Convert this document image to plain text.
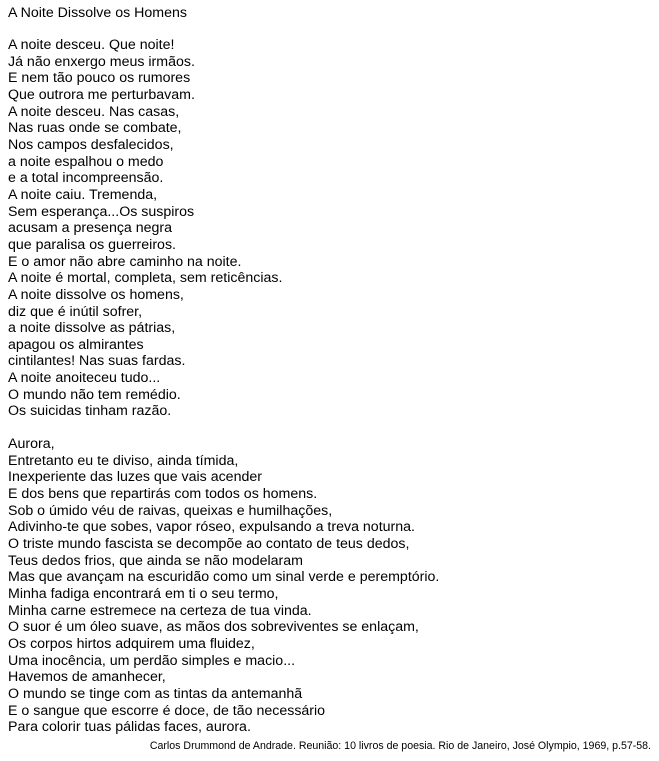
A Noite Dissolve os Homens
A noite desceu. Que noite!
Já não enxergo meus irmãos.
E nem tão pouco os rumores
Que outrora me perturbavam.
A noite desceu. Nas casas,
Nas ruas onde se combate,
Nos campos desfalecidos,
a noite espalhou o medo
e a total incompreensão.
A noite caiu. Tremenda,
Sem esperança...Os suspiros
acusam a presença negra
que paralisa os guerreiros.
E o amor não abre caminho na noite.
A noite é mortal, completa, sem reticências.
A noite dissolve os homens,
diz que é inútil sofrer,
a noite dissolve as pátrias,
apagou os almirantes
cintilantes! Nas suas fardas.
A noite anoiteceu tudo...
O mundo não tem remédio.
Os suicidas tinham razão.
Aurora,
Entretanto eu te diviso, ainda tímida,
Inexperiente das luzes que vais acender
E dos bens que repartirás com todos os homens.
Sob o úmido véu de raivas, queixas e humilhações,
Adivinho-te que sobes, vapor róseo, expulsando a treva noturna.
O triste mundo fascista se decompõe ao contato de teus dedos,
Teus dedos frios, que ainda se não modelaram
Mas que avançam na escuridão como um sinal verde e peremptório.
Minha fadiga encontrará em ti o seu termo,
Minha carne estremece na certeza de tua vinda.
O suor é um óleo suave, as mãos dos sobreviventes se enlaçam,
Os corpos hirtos adquirem uma fluidez,
Uma inocência, um perdão simples e macio...
Havemos de amanhecer,
O mundo se tinge com as tintas da antemanhã
E o sangue que escorre é doce, de tão necessário
Para colorir tuas pálidas faces, aurora.
Carlos Drummond de Andrade. Reunião: 10 livros de poesia. Rio de Janeiro, José Olympio, 1969, p.57-58.
